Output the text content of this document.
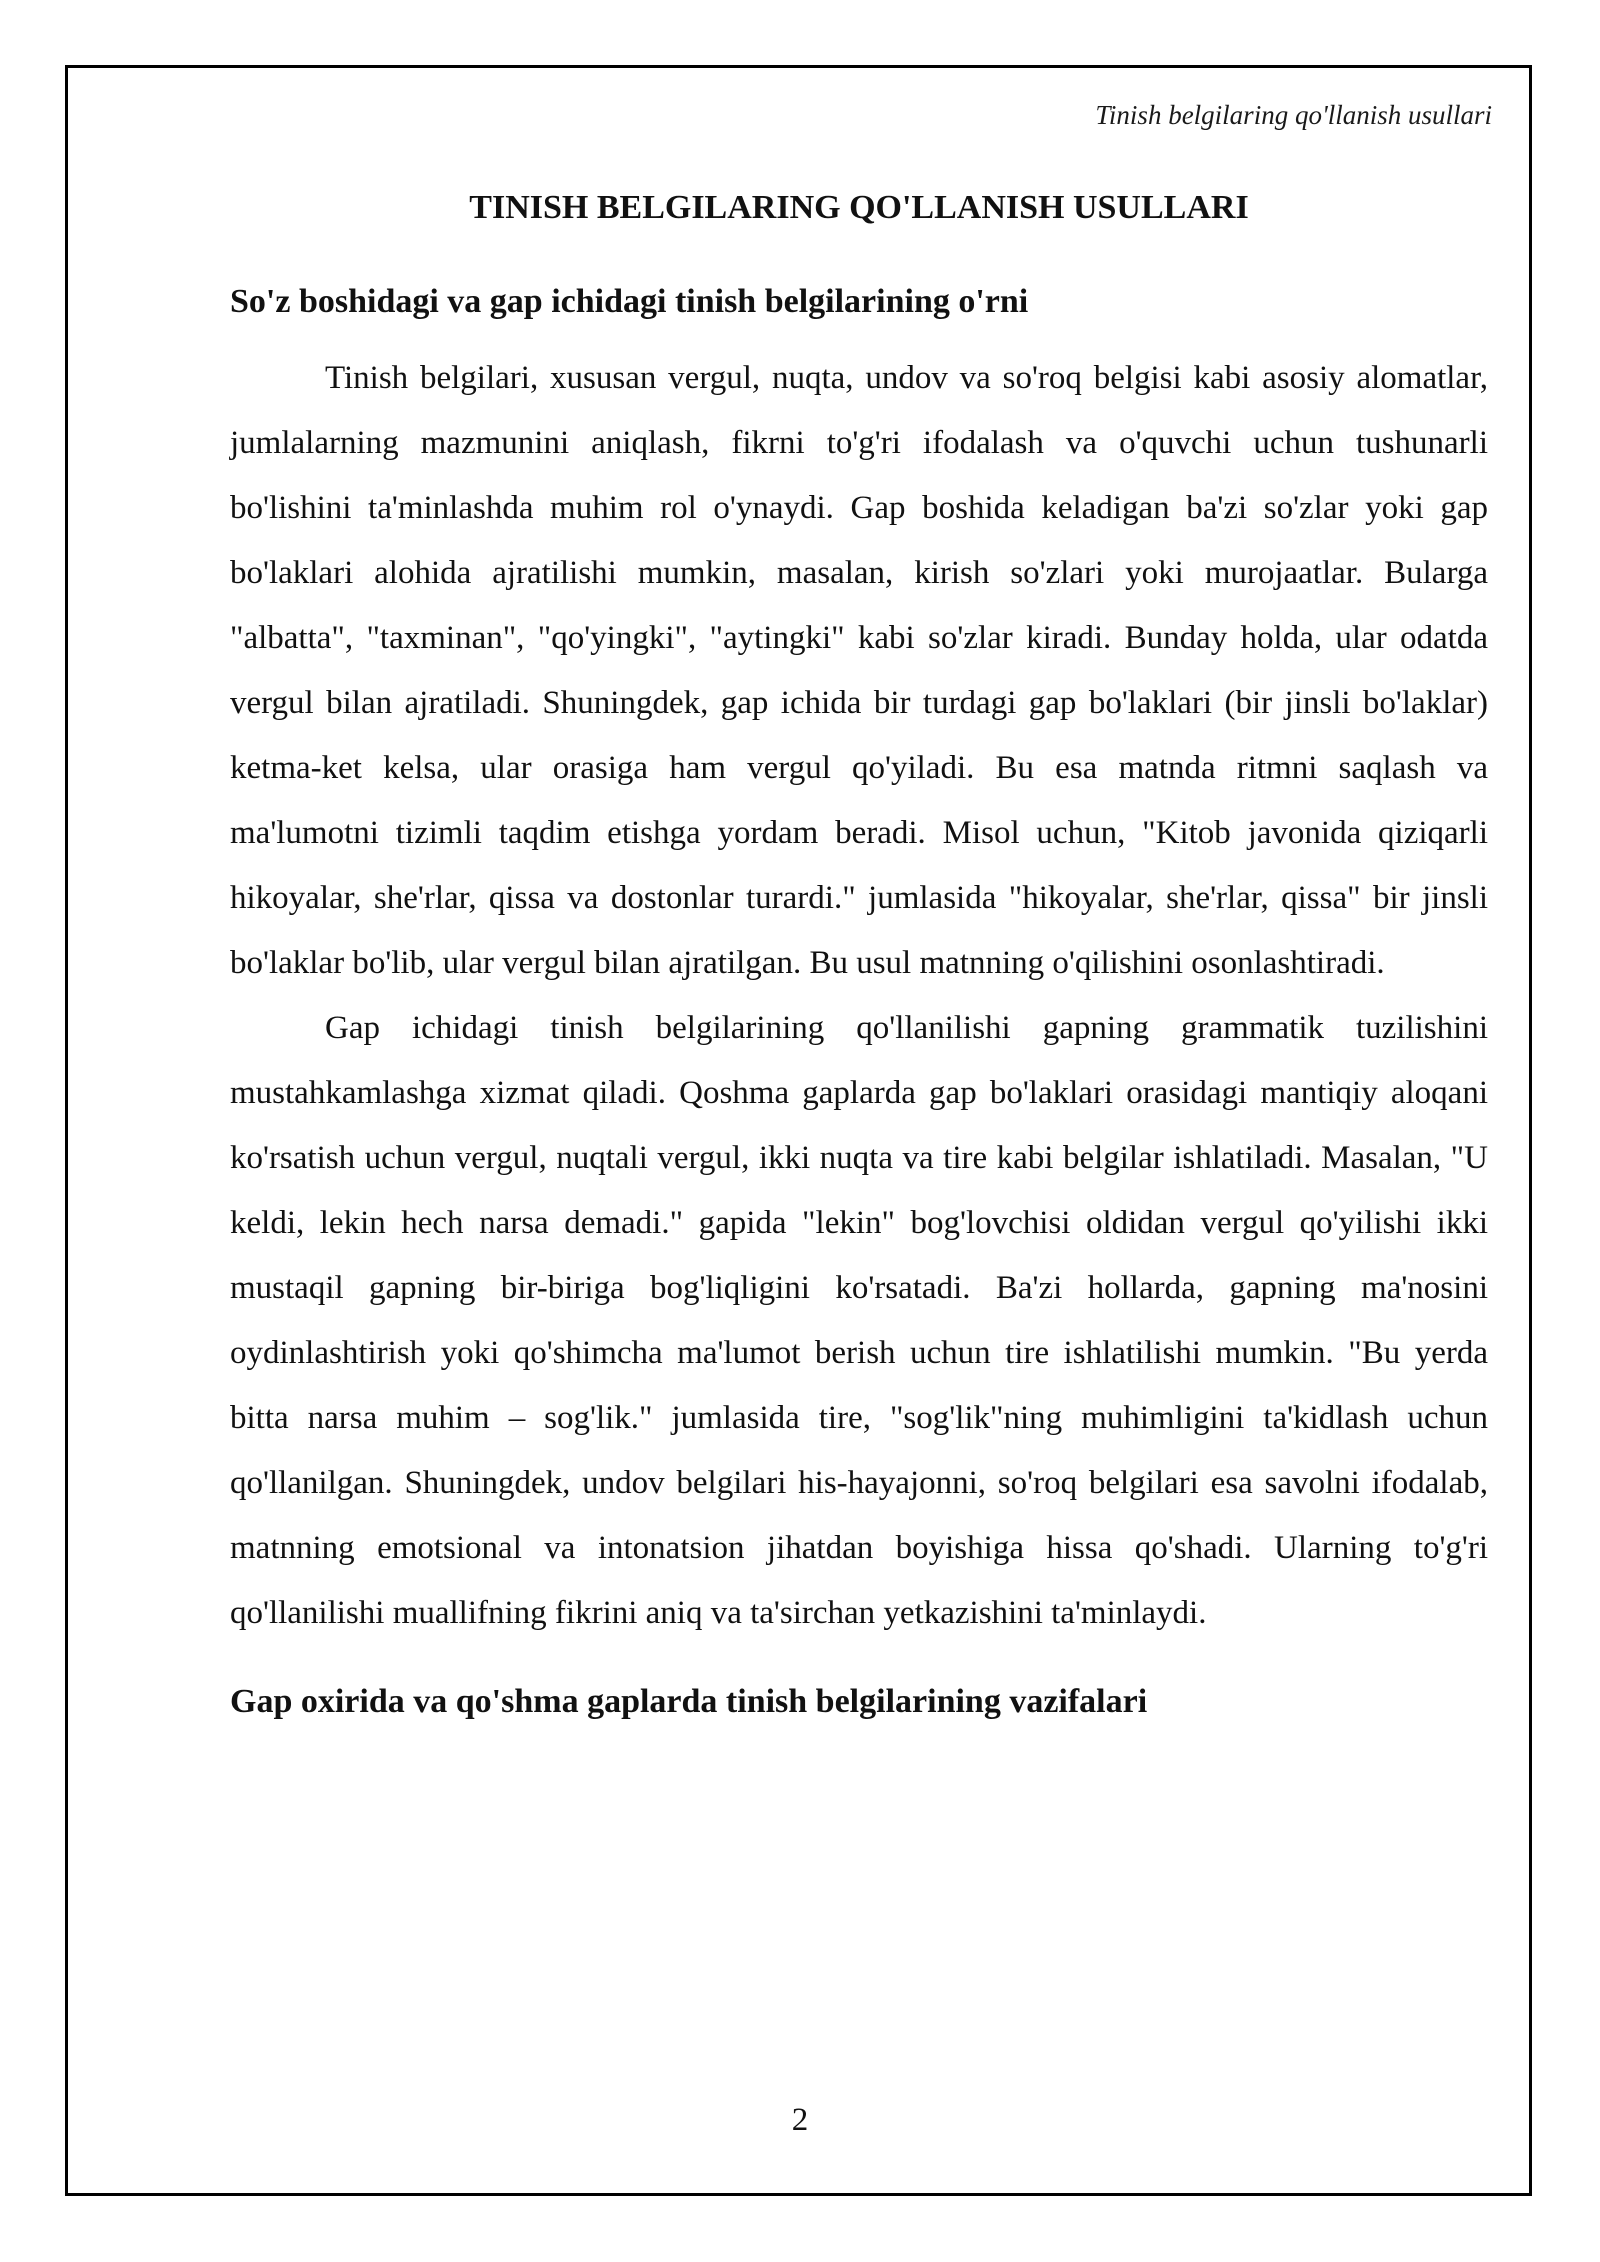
Tinish belgilaring qo'llanish usullari

TINISH BELGILARING QO'LLANISH USULLARI
So'z boshidagi va gap ichidagi tinish belgilarining o'rni

Tinish belgilari, xususan vergul, nuqta, undov va so'roq belgisi kabi asosiy alomatlar, jumlalarning mazmunini aniqlash, fikrni to'g'ri ifodalash va o'quvchi uchun tushunarli bo'lishini ta'minlashda muhim rol o'ynaydi. Gap boshida keladigan ba'zi so'zlar yoki gap bo'laklari alohida ajratilishi mumkin, masalan, kirish so'zlari yoki murojaatlar. Bularga "albatta", "taxminan", "qo'yingki", "aytingki" kabi so'zlar kiradi. Bunday holda, ular odatda vergul bilan ajratiladi. Shuningdek, gap ichida bir turdagi gap bo'laklari (bir jinsli bo'laklar) ketma-ket kelsa, ular orasiga ham vergul qo'yiladi. Bu esa matnda ritmni saqlash va ma'lumotni tizimli taqdim etishga yordam beradi. Misol uchun, "Kitob javonida qiziqarli hikoyalar, she'rlar, qissa va dostonlar turardi." jumlasida "hikoyalar, she'rlar, qissa" bir jinsli bo'laklar bo'lib, ular vergul bilan ajratilgan. Bu usul matnning o'qilishini osonlashtiradi.

Gap ichidagi tinish belgilarining qo'llanilishi gapning grammatik tuzilishini mustahkamlashga xizmat qiladi. Qoshma gaplarda gap bo'laklari orasidagi mantiqiy aloqani ko'rsatish uchun vergul, nuqtali vergul, ikki nuqta va tire kabi belgilar ishlatiladi. Masalan, "U keldi, lekin hech narsa demadi." gapida "lekin" bog'lovchisi oldidan vergul qo'yilishi ikki mustaqil gapning bir-biriga bog'liqligini ko'rsatadi. Ba'zi hollarda, gapning ma'nosini oydinlashtirish yoki qo'shimcha ma'lumot berish uchun tire ishlatilishi mumkin. "Bu yerda bitta narsa muhim – sog'lik." jumlasida tire, "sog'lik"ning muhimligini ta'kidlash uchun qo'llanilgan. Shuningdek, undov belgilari his-hayajonni, so'roq belgilari esa savolni ifodalab, matnning emotsional va intonatsion jihatdan boyishiga hissa qo'shadi. Ularning to'g'ri qo'llanilishi muallifning fikrini aniq va ta'sirchan yetkazishini ta'minlaydi.

Gap oxirida va qo'shma gaplarda tinish belgilarining vazifalari

2
